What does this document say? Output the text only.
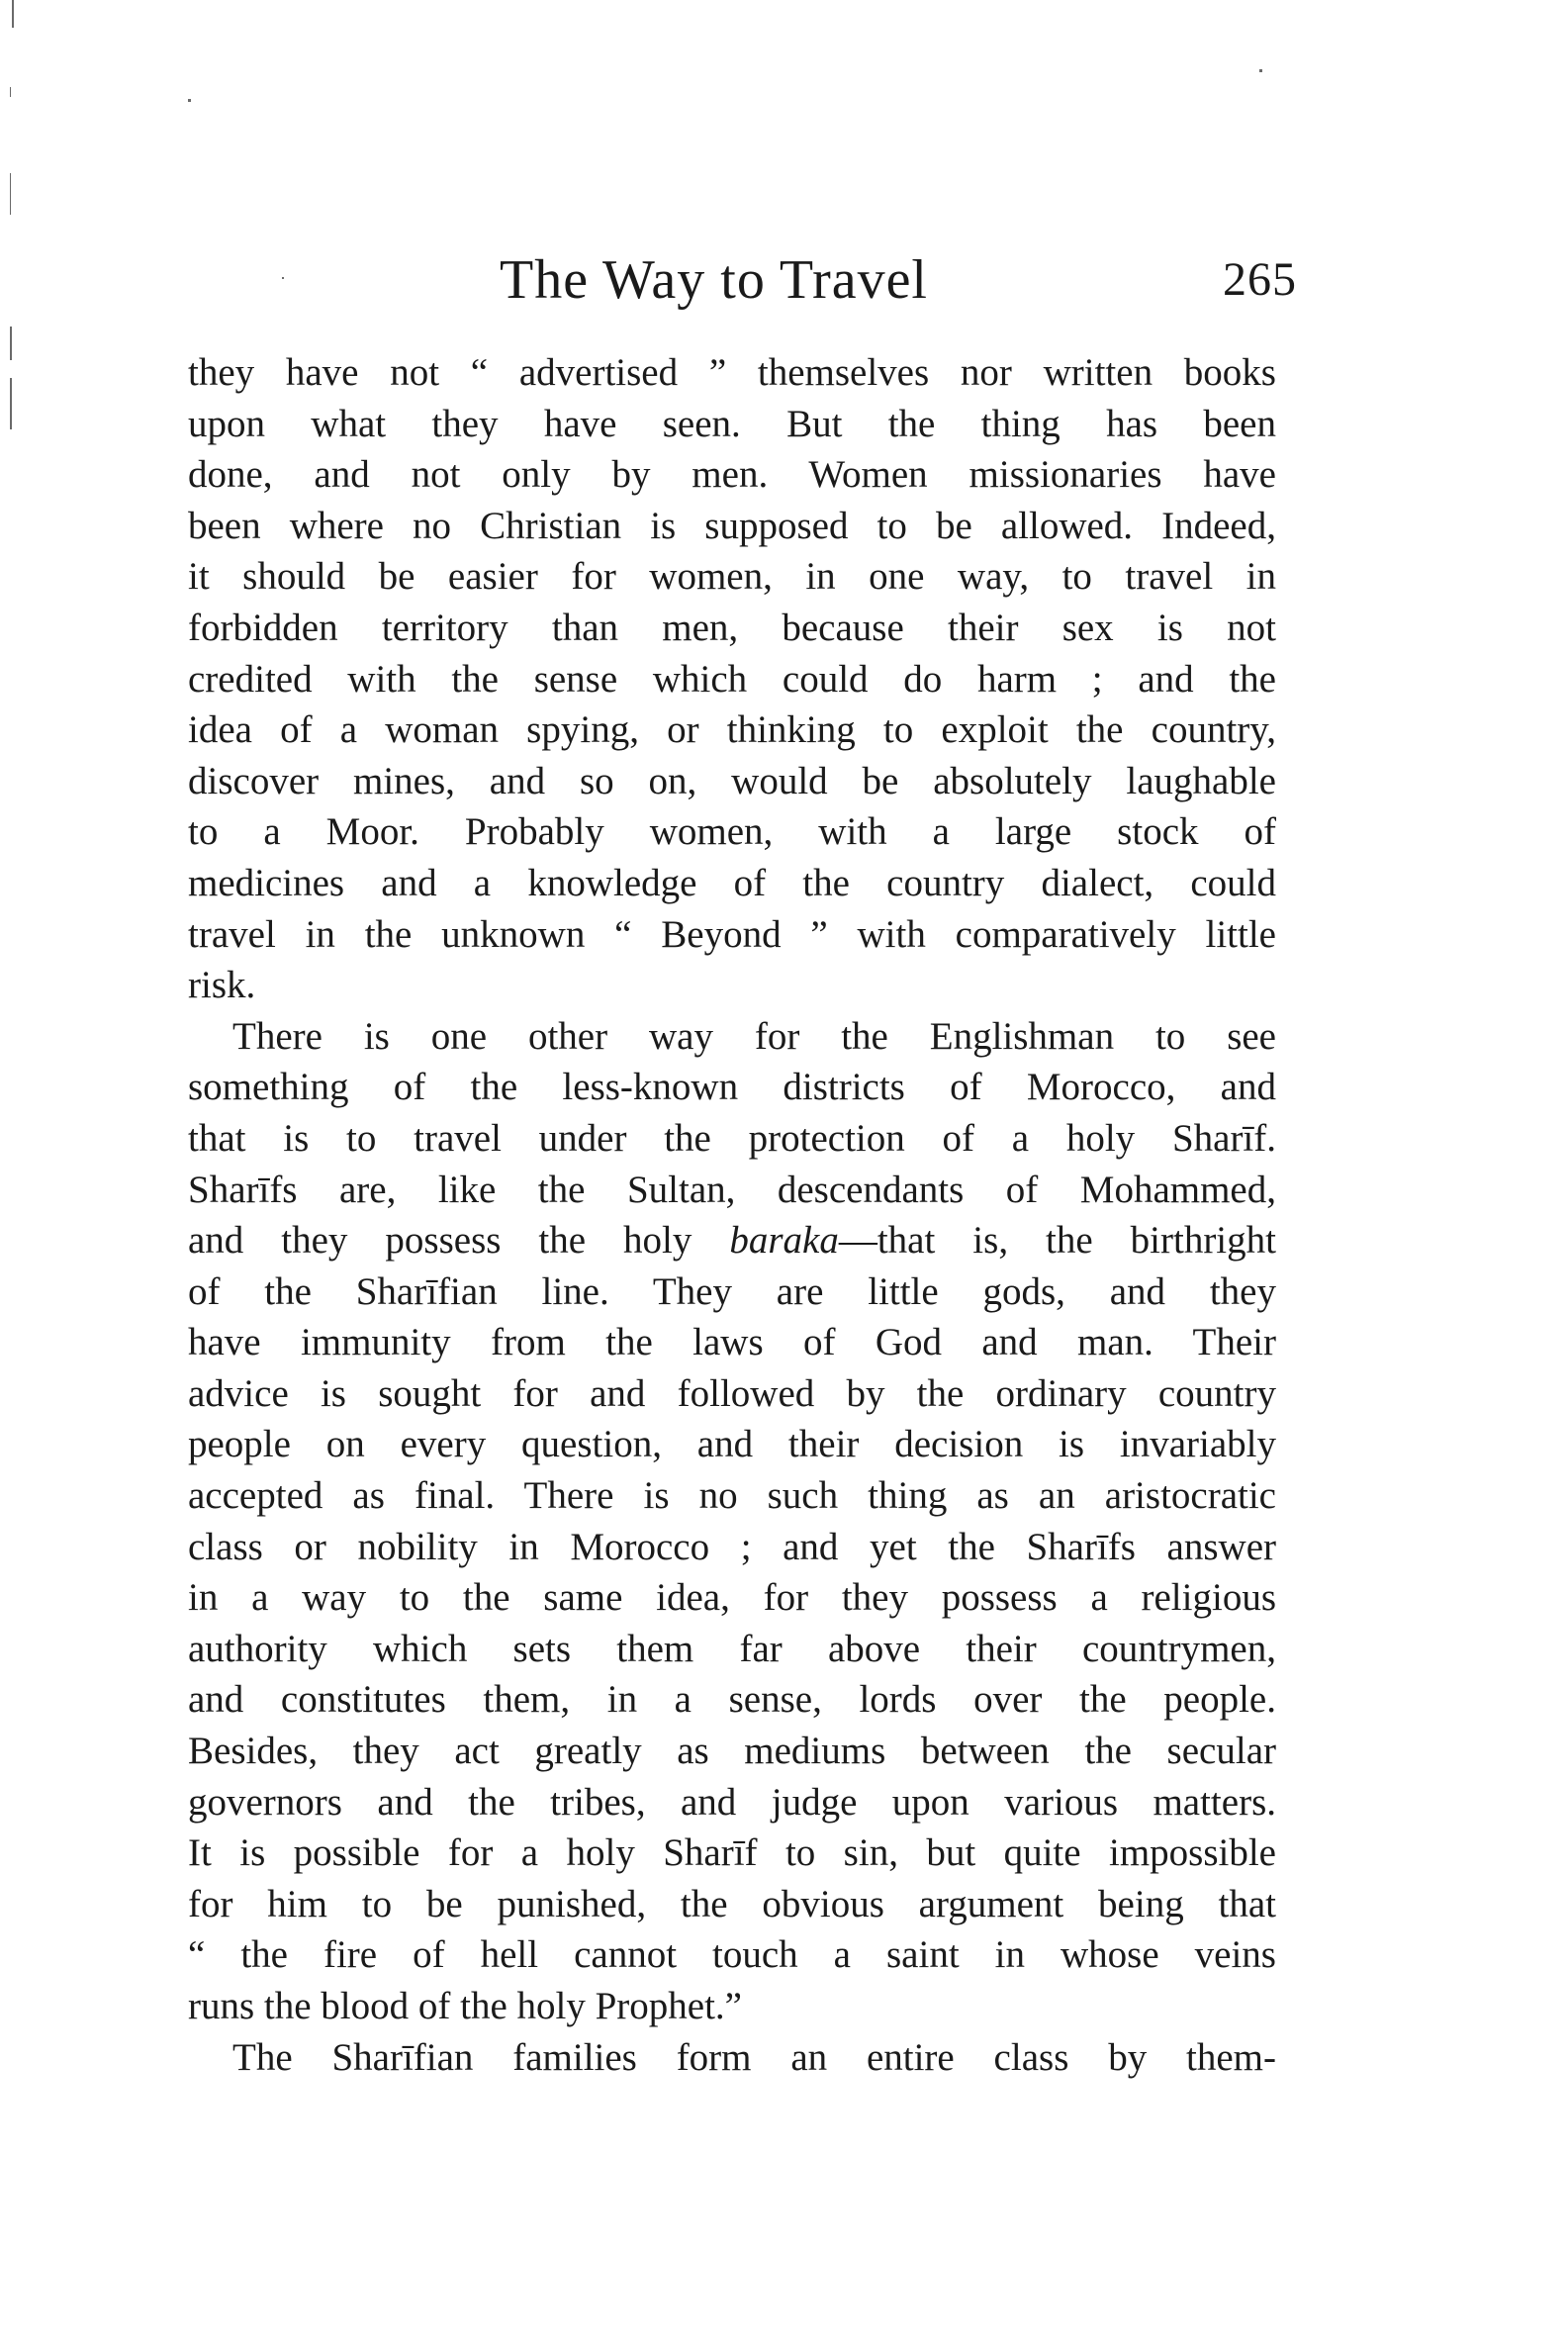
The Way to Travel	265
they have not “ advertised ” themselves nor written books
upon what they have seen. But the thing has been
done, and not only by men. Women missionaries have
been where no Christian is supposed to be allowed. Indeed,
it should be easier for women, in one way, to travel in
forbidden territory than men, because their sex is not
credited with the sense which could do harm ; and the
idea of a woman spying, or thinking to exploit the country,
discover mines, and so on, would be absolutely laughable
to a Moor. Probably women, with a large stock of
medicines and a knowledge of the country dialect, could
travel in the unknown “ Beyond ” with comparatively little
risk.
There is one other way for the Englishman to see
something of the less-known districts of Morocco, and
that is to travel under the protection of a holy Sharīf.
Sharīfs are, like the Sultan, descendants of Mohammed,
and they possess the holy baraka—that is, the birthright
of the Sharīfian line. They are little gods, and they
have immunity from the laws of God and man. Their
advice is sought for and followed by the ordinary country
people on every question, and their decision is invariably
accepted as final. There is no such thing as an aristocratic
class or nobility in Morocco ; and yet the Sharīfs answer
in a way to the same idea, for they possess a religious
authority which sets them far above their countrymen,
and constitutes them, in a sense, lords over the people.
Besides, they act greatly as mediums between the secular
governors and the tribes, and judge upon various matters.
It is possible for a holy Sharīf to sin, but quite impossible
for him to be punished, the obvious argument being that
“ the fire of hell cannot touch a saint in whose veins
runs the blood of the holy Prophet.”
The Sharīfian families form an entire class by them-
